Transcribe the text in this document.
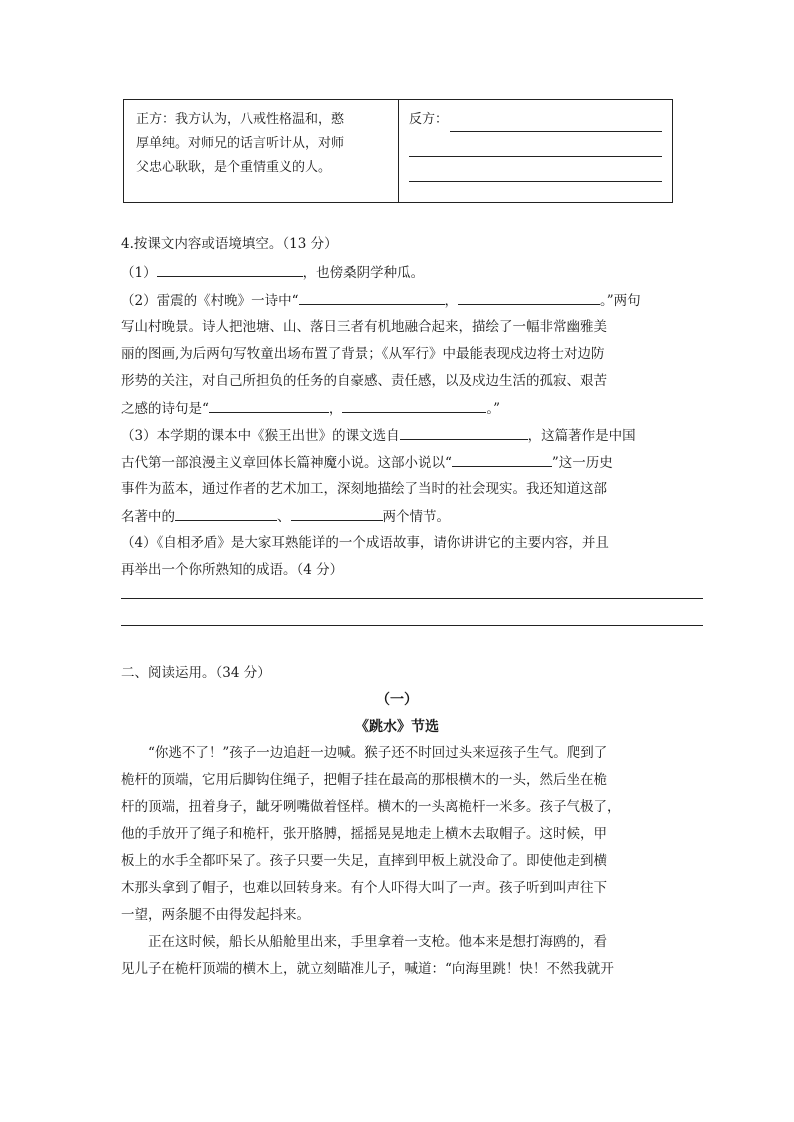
正方：我方认为，八戒性格温和，憨
厚单纯。对师兄的话言听计从，对师
父忠心耿耿，是个重情重义的人。
反方：
4.按课文内容或语境填空。（13 分）
（1）	，也傍桑阴学种瓜。
（2）雷震的《村晚》一诗中“	，	。”两句
写山村晚景。诗人把池塘、山、落日三者有机地融合起来，描绘了一幅非常幽雅美
丽的图画,为后两句写牧童出场布置了背景；《从军行》中最能表现戍边将士对边防
形势的关注，对自己所担负的任务的自豪感、责任感，以及戍边生活的孤寂、艰苦
之感的诗句是“	，	。”
（3）本学期的课本中《猴王出世》的课文选自	，这篇著作是中国
古代第一部浪漫主义章回体长篇神魔小说。这部小说以“	”这一历史
事件为蓝本，通过作者的艺术加工，深刻地描绘了当时的社会现实。我还知道这部
名著中的	、	两个情节。
（4）《自相矛盾》是大家耳熟能详的一个成语故事，请你讲讲它的主要内容，并且
再举出一个你所熟知的成语。（4 分）
二、阅读运用。（34 分）
（一）
《跳水》节选
“你逃不了！”孩子一边追赶一边喊。猴子还不时回过头来逗孩子生气。爬到了
桅杆的顶端，它用后脚钩住绳子，把帽子挂在最高的那根横木的一头，然后坐在桅
杆的顶端，扭着身子，龇牙咧嘴做着怪样。横木的一头离桅杆一米多。孩子气极了，
他的手放开了绳子和桅杆，张开胳膊，摇摇晃晃地走上横木去取帽子。这时候，甲
板上的水手全都吓呆了。孩子只要一失足，直摔到甲板上就没命了。即使他走到横
木那头拿到了帽子，也难以回转身来。有个人吓得大叫了一声。孩子听到叫声往下
一望，两条腿不由得发起抖来。
正在这时候，船长从船舱里出来，手里拿着一支枪。他本来是想打海鸥的，看
见儿子在桅杆顶端的横木上，就立刻瞄准儿子，喊道：“向海里跳！快！不然我就开
